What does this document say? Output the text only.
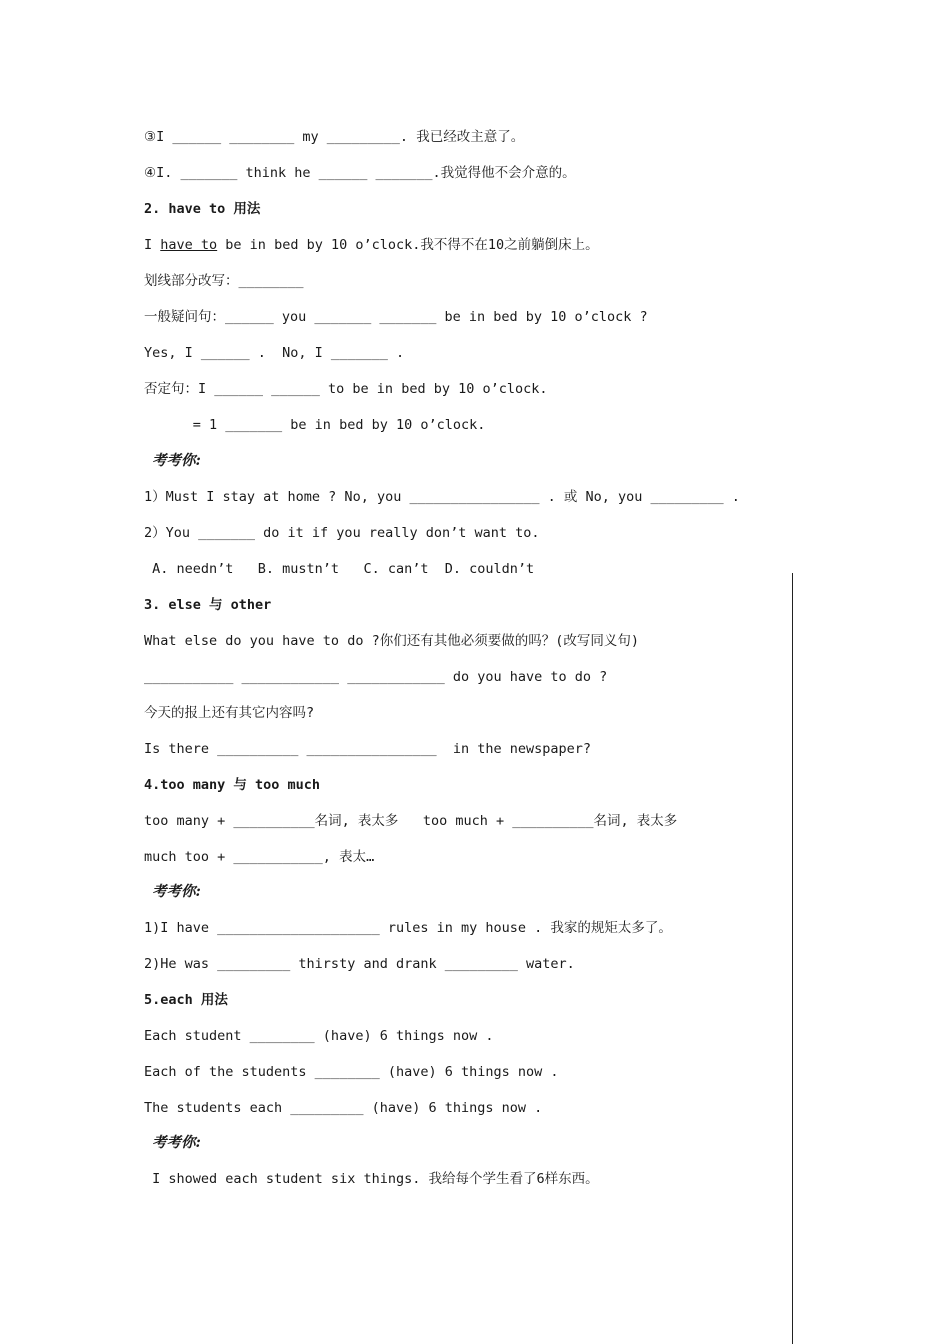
③I ______ ________ my _________. 我已经改主意了。
④I. _______ think he ______ _______.我觉得他不会介意的。
2. have to 用法
I have to be in bed by 10 o’clock.我不得不在10之前躺倒床上。
划线部分改写：________
一般疑问句：______ you _______ _______ be in bed by 10 o’clock ?
Yes, I ______ .  No, I _______ .
否定句：I ______ ______ to be in bed by 10 o’clock.
= 1 _______ be in bed by 10 o’clock.
考考你:
1）Must I stay at home ? No, you ________________ . 或 No, you _________ .
2）You _______ do it if you really don’t want to.
A. needn’t   B. mustn’t   C. can’t  D. couldn’t
3. else 与 other
What else do you have to do ?你们还有其他必须要做的吗？(改写同义句)
___________ ____________ ____________ do you have to do ?
今天的报上还有其它内容吗?
Is there __________ ________________  in the newspaper?
4.too many 与 too much
too many + __________名词, 表太多   too much + __________名词, 表太多
much too + ___________, 表太…
考考你:
1)I have ____________________ rules in my house . 我家的规矩太多了。
2)He was _________ thirsty and drank _________ water.
5.each 用法
Each student ________ (have) 6 things now .
Each of the students ________ (have) 6 things now .
The students each _________ (have) 6 things now .
考考你:
I showed each student six things. 我给每个学生看了6样东西。
